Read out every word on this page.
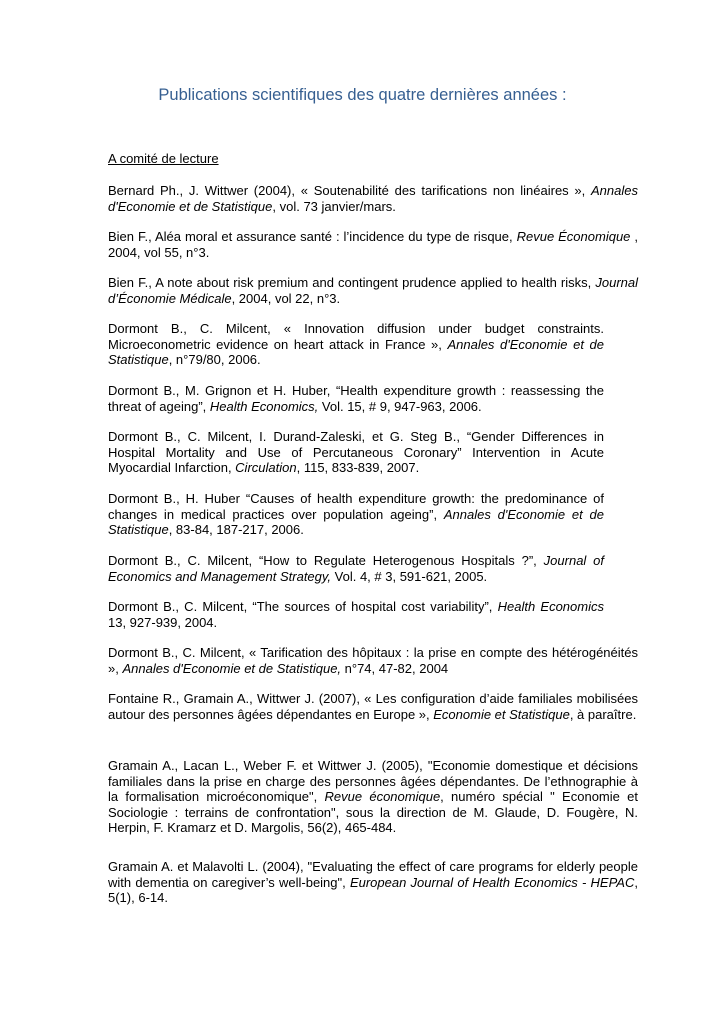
Publications scientifiques des quatre dernières années :
A comité de lecture

Bernard Ph., J. Wittwer (2004), « Soutenabilité des tarifications non linéaires », Annales d'Economie et de Statistique, vol. 73 janvier/mars.

Bien F., Aléa moral et assurance santé : l’incidence du type de risque, Revue Économique , 2004, vol 55, n°3.

Bien F., A note about risk premium and contingent prudence applied to health risks, Journal d’Économie Médicale, 2004, vol 22, n°3.

Dormont B., C. Milcent, « Innovation diffusion under budget constraints. Microeconometric evidence on heart attack in France », Annales d'Economie et de Statistique, n°79/80, 2006.

Dormont B., M. Grignon et H. Huber, “Health expenditure growth : reassessing the threat of ageing”, Health Economics, Vol. 15, # 9, 947-963, 2006.

Dormont B., C. Milcent, I. Durand-Zaleski, et G. Steg B., “Gender Differences in Hospital Mortality and Use of Percutaneous Coronary” Intervention in Acute Myocardial Infarction, Circulation, 115, 833-839, 2007.

Dormont B., H. Huber “Causes of health expenditure growth: the predominance of changes in medical practices over population ageing”, Annales d'Economie et de Statistique, 83-84, 187-217, 2006.

Dormont B., C. Milcent, “How to Regulate Heterogenous Hospitals ?”, Journal of Economics and Management Strategy, Vol. 4, # 3, 591-621, 2005.

Dormont B., C. Milcent, “The sources of hospital cost variability”, Health Economics 13, 927-939, 2004.

Dormont B., C. Milcent, « Tarification des hôpitaux : la prise en compte des hétérogénéités », Annales d'Economie et de Statistique, n°74, 47-82, 2004

Fontaine R., Gramain A., Wittwer J. (2007), « Les configuration d’aide familiales mobilisées autour des personnes âgées dépendantes en Europe », Economie et Statistique, à paraître.

Gramain A., Lacan L., Weber F. et Wittwer J. (2005), "Economie domestique et décisions familiales dans la prise en charge des personnes âgées dépendantes. De l’ethnographie à la formalisation microéconomique", Revue économique, numéro spécial " Economie et Sociologie : terrains de confrontation", sous la direction de M. Glaude, D. Fougère, N. Herpin, F. Kramarz et D. Margolis, 56(2), 465-484.

Gramain A. et Malavolti L. (2004), "Evaluating the effect of care programs for elderly people with dementia on caregiver’s well-being", European Journal of Health Economics - HEPAC, 5(1), 6-14.
